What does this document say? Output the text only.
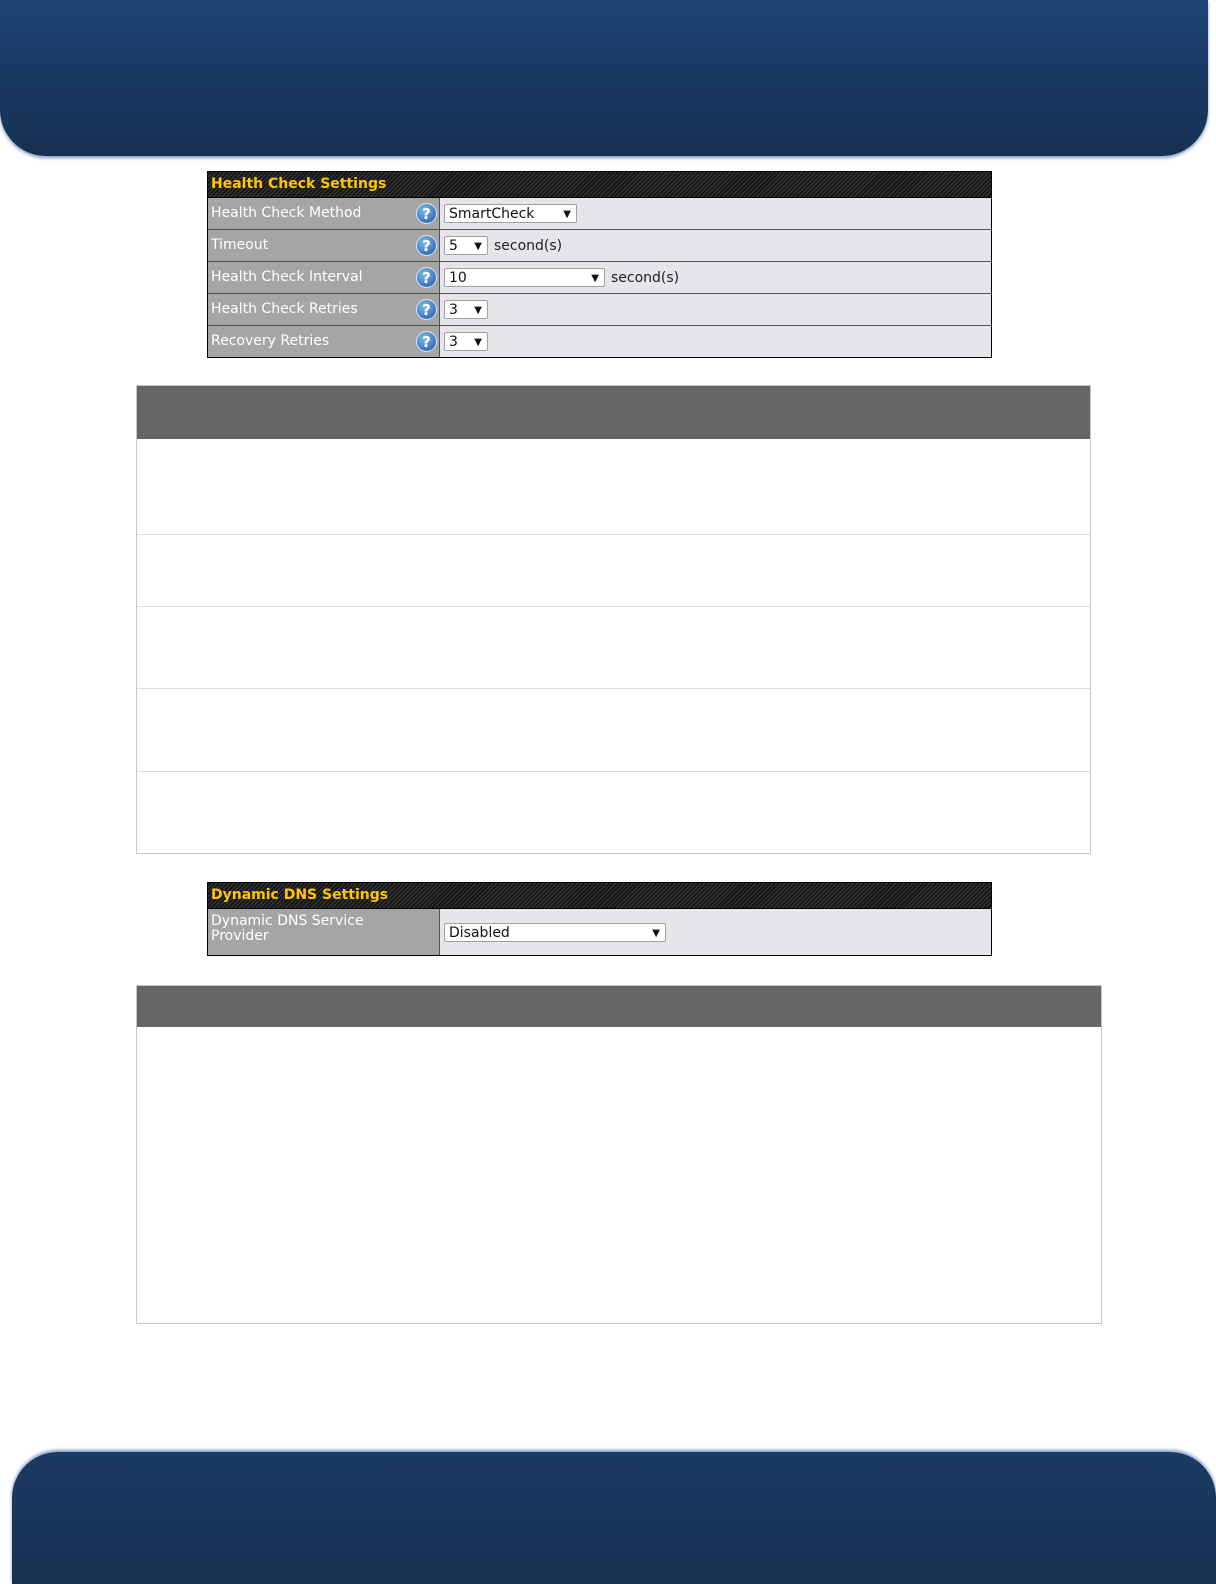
Health Check Settings
Health Check Method	?	SmartCheck	▼
Timeout	?	5 ▼ second(s)
Health Check Interval	?	10	▼ second(s)
Health Check Retries	?	3 ▼
Recovery Retries	?	3 ▼
Dynamic DNS Settings
Dynamic DNS Service Provider	Disabled	▼
